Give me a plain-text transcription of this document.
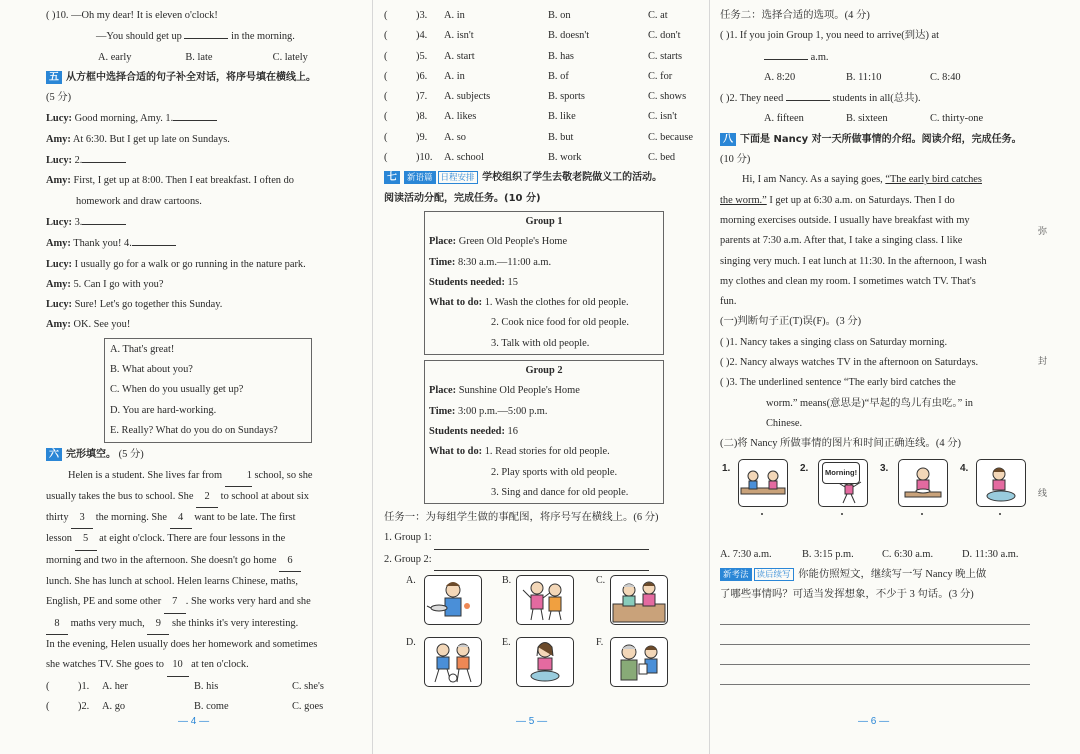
( )10. —Oh my dear! It is eleven o'clock!
—You should get up	in the morning.
A. early	B. late	C. lately
五 从方框中选择合适的句子补全对话，将序号填在横线上。
(5 分)
Lucy: Good morning, Amy. 1.
Amy: At 6:30. But I get up late on Sundays.
Lucy: 2.
Amy: First, I get up at 8:00. Then I eat breakfast. I often do
homework and draw cartoons.
Lucy: 3.
Amy: Thank you! 4.
Lucy: I usually go for a walk or go running in the nature park.
Amy: 5. Can I go with you?
Lucy: Sure! Let's go together this Sunday.
Amy: OK. See you!
A. That's great!
B. What about you?
C. When do you usually get up?
D. You are hard-working.
E. Really? What do you do on Sundays?
六 完形填空。 (5 分)
Helen is a student. She lives far from 1 school, so she
usually takes the bus to school. She 2 to school at about six
thirty 3 the morning. She 4 want to be late. The first
lesson 5 at eight o'clock. There are four lessons in the
morning and two in the afternoon. She doesn't go home 6
lunch. She has lunch at school. Helen learns Chinese, maths,
English, PE and some other 7. She works very hard and she
8 maths very much, 9 she thinks it's very interesting.
In the evening, Helen usually does her homework and sometimes
she watches TV. She goes to 10 at ten o'clock.
(	)1.	A. her	B. his	C. she's
(	)2.	A. go	B. come	C. goes
(	)3.	A. in	B. on	C. at
(	)4.	A. isn't	B. doesn't	C. don't
(	)5.	A. start	B. has	C. starts
(	)6.	A. in	B. of	C. for
(	)7.	A. subjects	B. sports	C. shows
(	)8.	A. likes	B. like	C. isn't
(	)9.	A. so	B. but	C. because
(	)10.	A. school	B. work	C. bed
七 新语篇 日程安排 学校组织了学生去敬老院做义工的活动。
阅读活动分配，完成任务。(10 分)
Group 1
Place: Green Old People's Home
Time: 8:30 a.m.—11:00 a.m.
Students needed: 15
What to do: 1. Wash the clothes for old people.
2. Cook nice food for old people.
3. Talk with old people.
Group 2
Place: Sunshine Old People's Home
Time: 3:00 p.m.—5:00 p.m.
Students needed: 16
What to do: 1. Read stories for old people.
2. Play sports with old people.
3. Sing and dance for old people.
任务一：为每组学生做的事配图，将序号写在横线上。(6 分)
1. Group 1:
2. Group 2:
A.	B.	C.
D.	E.	F.
任务二：选择合适的选项。(4 分)
( )1. If you join Group 1, you need to arrive(到达) at
a.m.
A. 8:20	B. 11:10	C. 8:40
( )2. They need	students in all(总共).
A. fifteen	B. sixteen	C. thirty-one
八 下面是 Nancy 对一天所做事情的介绍。阅读介绍，完成任务。
(10 分)
Hi, I am Nancy. As a saying goes, “The early bird catches
the worm.” I get up at 6:30 a.m. on Saturdays. Then I do
morning exercises outside. I usually have breakfast with my
parents at 7:30 a.m. After that, I take a singing class. I like
singing very much. I eat lunch at 11:30. In the afternoon, I wash
my clothes and clean my room. I sometimes watch TV. That's
fun.
(一)判断句子正(T)误(F)。(3 分)
( )1. Nancy takes a singing class on Saturday morning.
( )2. Nancy always watches TV in the afternoon on Saturdays.
( )3. The underlined sentence “The early bird catches the
worm.” means(意思是)“早起的鸟儿有虫吃。” in
Chinese.
(二)将 Nancy 所做事情的图片和时间正确连线。(4 分)
1.	2.	Morning!	3.	4.
A. 7:30 a.m.	B. 3:15 p.m.	C. 6:30 a.m.	D. 11:30 a.m.
新考法 读后续写 你能仿照短文，继续写一写 Nancy 晚上做
了哪些事情吗？可适当发挥想象，不少于 3 句话。(3 分)
弥
封
线
— 4 —	— 5 —	— 6 —
